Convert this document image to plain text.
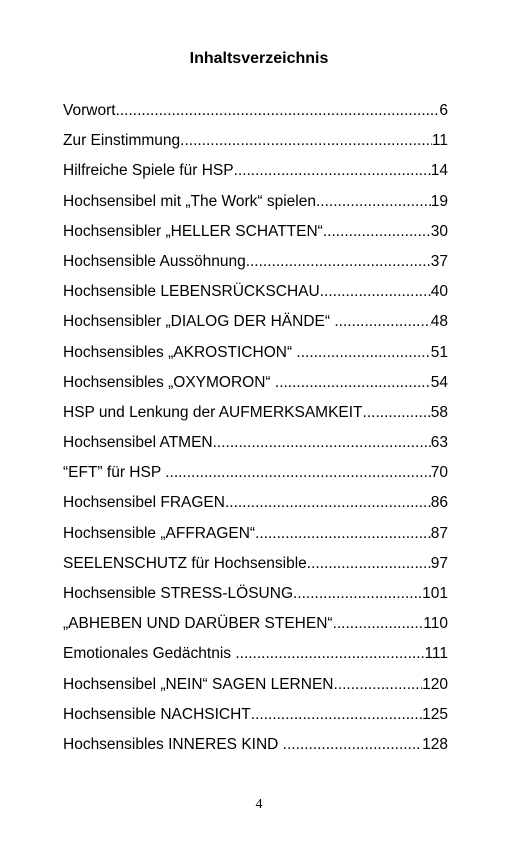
Inhaltsverzeichnis
Vorwort .....	6
Zur Einstimmung .....	11
Hilfreiche Spiele für HSP .....	14
Hochsensibel mit „The Work“ spielen .....	19
Hochsensibler „HELLER SCHATTEN“ .....	30
Hochsensible Aussöhnung .....	37
Hochsensible LEBENSRÜCKSCHAU .....	40
Hochsensibler „DIALOG DER HÄNDE“ .....	48
Hochsensibles „AKROSTICHON“ .....	51
Hochsensibles „OXYMORON“ .....	54
HSP und Lenkung der AUFMERKSAMKEIT .....	58
Hochsensibel ATMEN .....	63
“EFT” für HSP .....	70
Hochsensibel FRAGEN .....	86
Hochsensible „AFFRAGEN“ .....	87
SEELENSCHUTZ für Hochsensible .....	97
Hochsensible STRESS-LÖSUNG .....	101
„ABHEBEN UND DARÜBER STEHEN“ .....	110
Emotionales Gedächtnis .....	111
Hochsensibel „NEIN“ SAGEN LERNEN .....	120
Hochsensible NACHSICHT .....	125
Hochsensibles INNERES KIND .....	128
4
